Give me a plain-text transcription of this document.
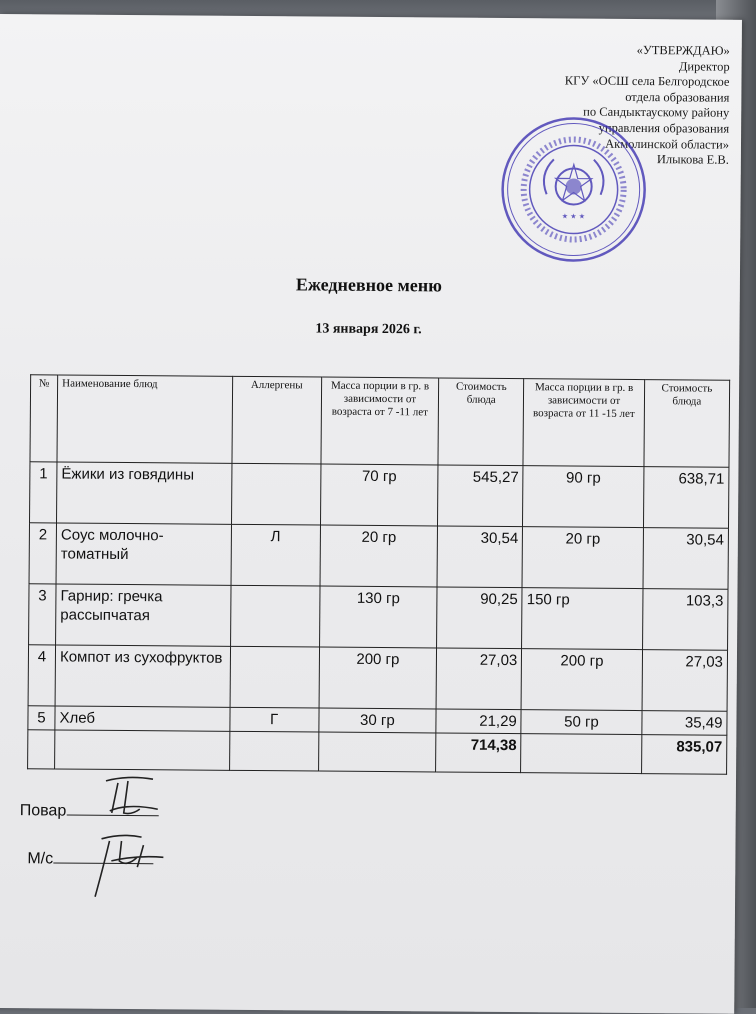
«УТВЕРЖДАЮ»
Директор
КГУ «ОСШ села Белгородское
отдела образования
по Сандыктаускому району
управления образования
Акмолинской области»
Илыкова Е.В.
★ ★ ★
Ежедневное меню
13 января 2026 г.
№	Наименование блюд	Аллергены	Масса порции в гр. в зависимости от возраста от 7 -11 лет	Стоимость блюда	Масса порции в гр. в зависимости от возраста от 11 -15 лет	Стоимость блюда
1	Ёжики из говядины		70 гр	545,27	90 гр	638,71
2	Соус молочно-томатный	Л	20 гр	30,54	20 гр	30,54
3	Гарнир: гречка рассыпчатая		130 гр	90,25	150 гр	103,3
4	Компот из сухофруктов		200 гр	27,03	200 гр	27,03
5	Хлеб	Г	30 гр	21,29	50 гр	35,49
				714,38		835,07
Повар
М/с
